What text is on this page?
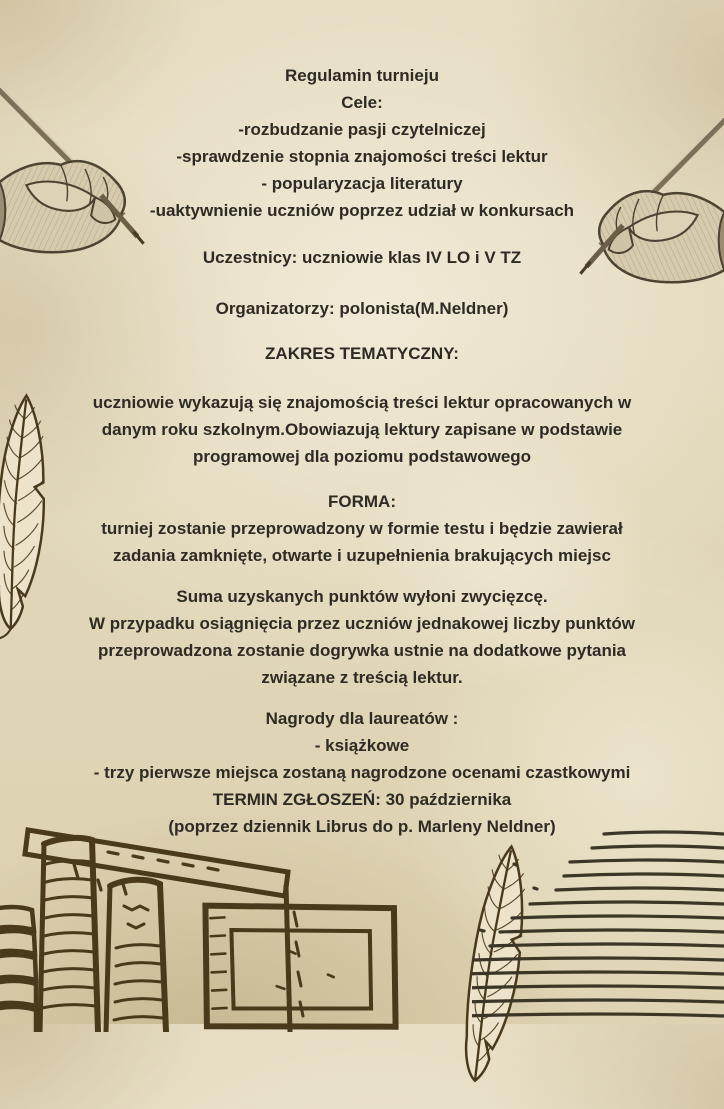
Regulamin turnieju
Cele:
-rozbudzanie pasji czytelniczej
-sprawdzenie stopnia znajomości treści lektur
- popularyzacja literatury
-uaktywnienie uczniów poprzez udział w konkursach
Uczestnicy: uczniowie klas IV LO i V TZ
Organizatorzy: polonista(M.Neldner)
ZAKRES TEMATYCZNY:
uczniowie wykazują się znajomością treści lektur opracowanych w
danym roku szkolnym.Obowiazują lektury zapisane w podstawie
programowej dla poziomu podstawowego
FORMA:
turniej zostanie przeprowadzony w formie testu i będzie zawierał
zadania zamknięte, otwarte i uzupełnienia brakujących miejsc
Suma uzyskanych punktów wyłoni zwycięzcę.
W przypadku osiągnięcia przez uczniów jednakowej liczby punktów
przeprowadzona zostanie dogrywka ustnie na dodatkowe pytania
związane z treścią lektur.
Nagrody dla laureatów :
- książkowe
- trzy pierwsze miejsca zostaną nagrodzone ocenami czastkowymi
TERMIN ZGŁOSZEŃ: 30 października
(poprzez dziennik Librus do p. Marleny Neldner)
